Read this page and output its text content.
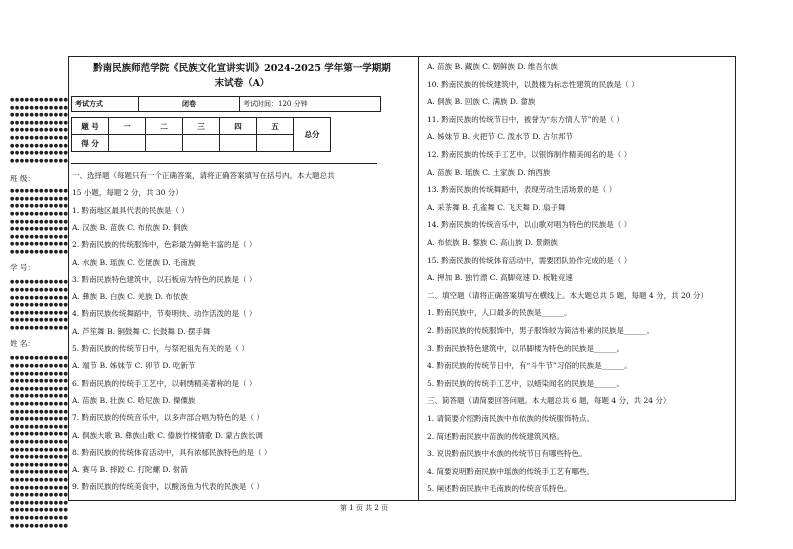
●●●●●●●●●●●●
●●●●●●●●●●●●
●●●●●●●●●●●●
●●●●●●●●●●●●
●●●●●●●●●●●●
●●●●●●●●●●●●
●●●●●●●●●●●●
●●●●●●●●●●●●
●●●●●●●●●●●●
●●●●●●●●●●●●
●●●●●●●●●●●●
●●●●●●●●●●●●
●●●●●●●●●●●●
●●●●●●●●●●●●
●●●●●●●●●●●●
●●●●●●●●●●●●
●●●●●●●●●●●●
●●●●●●●●●●●●
●●●●●●●●●●●●
●●●●●●●●●●●●
●●●●●●●●●●●●
●●●●●●●●●●●●
●●●●●●●●●●●●
●●●●●●●●●●●●
●●●●●●●●●●●●
●●●●●●●●●●●●
●●●●●●●●●●●●
●●●●●●●●●●●●
●●●●●●●●●●●●
●●●●●●●●●●●●
●●●●●●●●●●●●
●●●●●●●●●●●●
●●●●●●●●●●●●
●●●●●●●●●●●●
●●●●●●●●●●●●
●●●●●●●●●●●●
●●●●●●●●●●●●
●●●●●●●●●●●●
●●●●●●●●●●●●
●●●●●●●●●●●●
●●●●●●●●●●●●
●●●●●●●●●●●●
●●●●●●●●●●●●
●●●●●●●●●●●●
●●●●●●●●●●●●
●●●●●●●●●●●●
●●●●●●●●●●●●
●●●●●●●●●●●●
班 级：
学 号：
姓 名：
黔南民族师范学院《民族文化宣讲实训》2024-2025 学年第一学期期
末试卷（A）
考试方式	闭卷	考试时间：120 分钟
题 号	一	二	三	四	五	总分
得 分						
一、选择题（每题只有一个正确答案，请将正确答案填写在括号内。本大题总共
15 小题，每题 2 分，共 30 分）
1. 黔南地区最具代表的民族是（ ）
A. 汉族 B. 苗族 C. 布依族 D. 侗族
2. 黔南民族的传统服饰中，色彩最为鲜艳丰富的是（ ）
A. 水族 B. 瑶族 C. 仡佬族 D. 毛南族
3. 黔南民族特色建筑中，以石板房为特色的民族是（ ）
A. 彝族 B. 白族 C. 羌族 D. 布依族
4. 黔南民族传统舞蹈中，节奏明快、动作活泼的是（ ）
A. 芦笙舞 B. 铜鼓舞 C. 长鼓舞 D. 摆手舞
5. 黔南民族的传统节日中，与祭祀祖先有关的是（ ）
A. 端节 B. 姊妹节 C. 卯节 D. 吃新节
6. 黔南民族的传统手工艺中，以刺绣精美著称的是（ ）
A. 苗族 B. 壮族 C. 哈尼族 D. 傈僳族
7. 黔南民族的传统音乐中，以多声部合唱为特色的是（ ）
A. 侗族大歌 B. 彝族山歌 C. 傣族竹楼情歌 D. 蒙古族长调
8. 黔南民族的传统体育活动中，具有浓郁民族特色的是（ ）
A. 赛马 B. 摔跤 C. 打陀螺 D. 射箭
9. 黔南民族的传统美食中，以酸汤鱼为代表的民族是（ ）
A. 苗族 B. 藏族 C. 朝鲜族 D. 维吾尔族
10. 黔南民族的传统建筑中，以鼓楼为标志性建筑的民族是（ ）
A. 侗族 B. 回族 C. 满族 D. 畲族
11. 黔南民族的传统节日中，被誉为“东方情人节”的是（ ）
A. 姊妹节 B. 火把节 C. 泼水节 D. 古尔邦节
12. 黔南民族的传统手工艺中，以银饰制作精美闻名的是（ ）
A. 苗族 B. 瑶族 C. 土家族 D. 纳西族
13. 黔南民族的传统舞蹈中，表现劳动生活场景的是（ ）
A. 采茶舞 B. 孔雀舞 C. 飞天舞 D. 扇子舞
14. 黔南民族的传统音乐中，以山歌对唱为特色的民族是（ ）
A. 布依族 B. 黎族 C. 高山族 D. 景颇族
15. 黔南民族的传统体育活动中，需要团队协作完成的是（ ）
A. 押加 B. 独竹漂 C. 高脚竞速 D. 板鞋竞速
二、填空题（请将正确答案填写在横线上。本大题总共 5 题，每题 4 分，共 20 分）
1. 黔南民族中，人口最多的民族是______。
2. 黔南民族的传统服饰中，男子服饰较为简洁朴素的民族是______。
3. 黔南民族特色建筑中，以吊脚楼为特色的民族是______。
4. 黔南民族的传统节日中，有“斗牛节”习俗的民族是______。
5. 黔南民族的传统手工艺中，以蜡染闻名的民族是______。
三、简答题（请简要回答问题。本大题总共 6 题，每题 4 分，共 24 分）
1. 请简要介绍黔南民族中布依族的传统服饰特点。
2. 简述黔南民族中苗族的传统建筑风格。
3. 说说黔南民族中水族的传统节日有哪些特色。
4. 简要说明黔南民族中瑶族的传统手工艺有哪些。
5. 阐述黔南民族中毛南族的传统音乐特色。
第 1 页 共 2 页
